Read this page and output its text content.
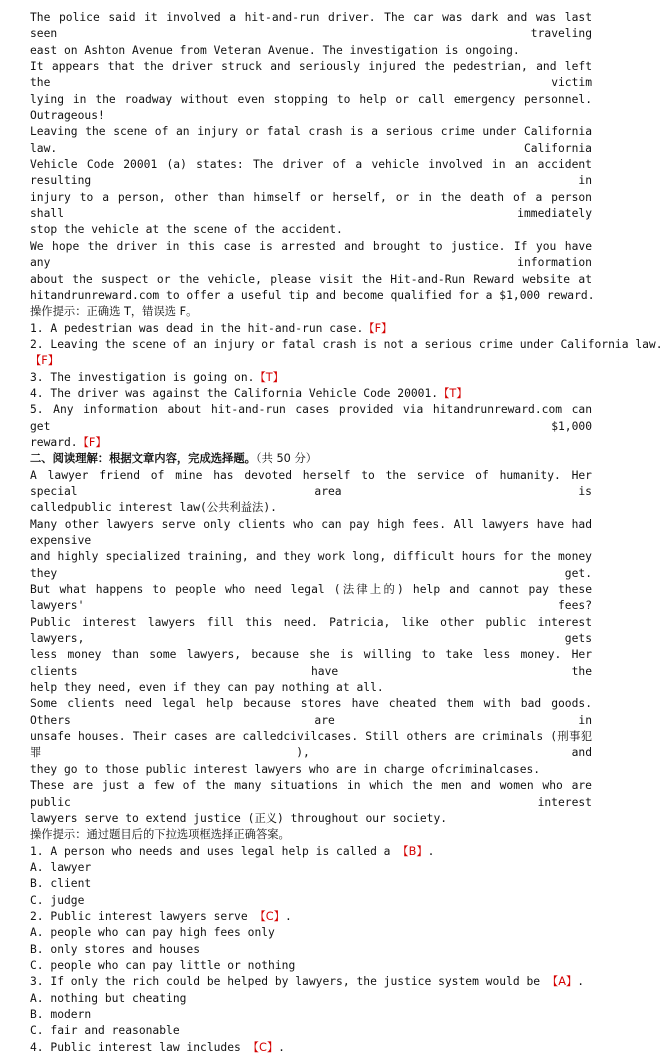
The police said it involved a hit-and-run driver. The car was dark and was last seen traveling
east on Ashton Avenue from Veteran Avenue. The investigation is ongoing.
It appears that the driver struck and seriously injured the pedestrian, and left the victim
lying in the roadway without even stopping to help or call emergency personnel. Outrageous!
Leaving the scene of an injury or fatal crash is a serious crime under California law. California
Vehicle Code 20001 (a) states: The driver of a vehicle involved in an accident resulting in
injury to a person, other than himself or herself, or in the death of a person shall immediately
stop the vehicle at the scene of the accident.
We hope the driver in this case is arrested and brought to justice. If you have any information
about the suspect or the vehicle, please visit the Hit-and-Run Reward website at
hitandrunreward.com to offer a useful tip and become qualified for a $1,000 reward.
操作提示：正确选 T，错误选 F。
1. A pedestrian was dead in the hit-and-run case.【F】
2. Leaving the scene of an injury or fatal crash is not a serious crime under California law.
【F】
3. The investigation is going on.【T】
4. The driver was against the California Vehicle Code 20001.【T】
5. Any information about hit-and-run cases provided via hitandrunreward.com can get $1,000
reward.【F】
二、阅读理解：根据文章内容，完成选择题。（共 50 分）
A lawyer friend of mine has devoted herself to the service of humanity. Her special area is
calledpublic interest law(公共利益法).
Many other lawyers serve only clients who can pay high fees. All lawyers have had expensive
and highly specialized training, and they work long, difficult hours for the money they get.
But what happens to people who need legal (法律上的) help and cannot pay these lawyers' fees?
Public interest lawyers fill this need. Patricia, like other public interest lawyers, gets
less money than some lawyers, because she is willing to take less money. Her clients have the
help they need, even if they can pay nothing at all.
Some clients need legal help because stores have cheated them with bad goods. Others are in
unsafe houses. Their cases are calledcivilcases. Still others are criminals (刑事犯罪), and
they go to those public interest lawyers who are in charge ofcriminalcases.
These are just a few of the many situations in which the men and women who are public interest
lawyers serve to extend justice (正义) throughout our society.
操作提示：通过题目后的下拉选项框选择正确答案。
1. A person who needs and uses legal help is called a 【B】.
A. lawyer
B. client
C. judge
2. Public interest lawyers serve 【C】.
A. people who can pay high fees only
B. only stores and houses
C. people who can pay little or nothing
3. If only the rich could be helped by lawyers, the justice system would be 【A】.
A. nothing but cheating
B. modern
C. fair and reasonable
4. Public interest law includes 【C】.
